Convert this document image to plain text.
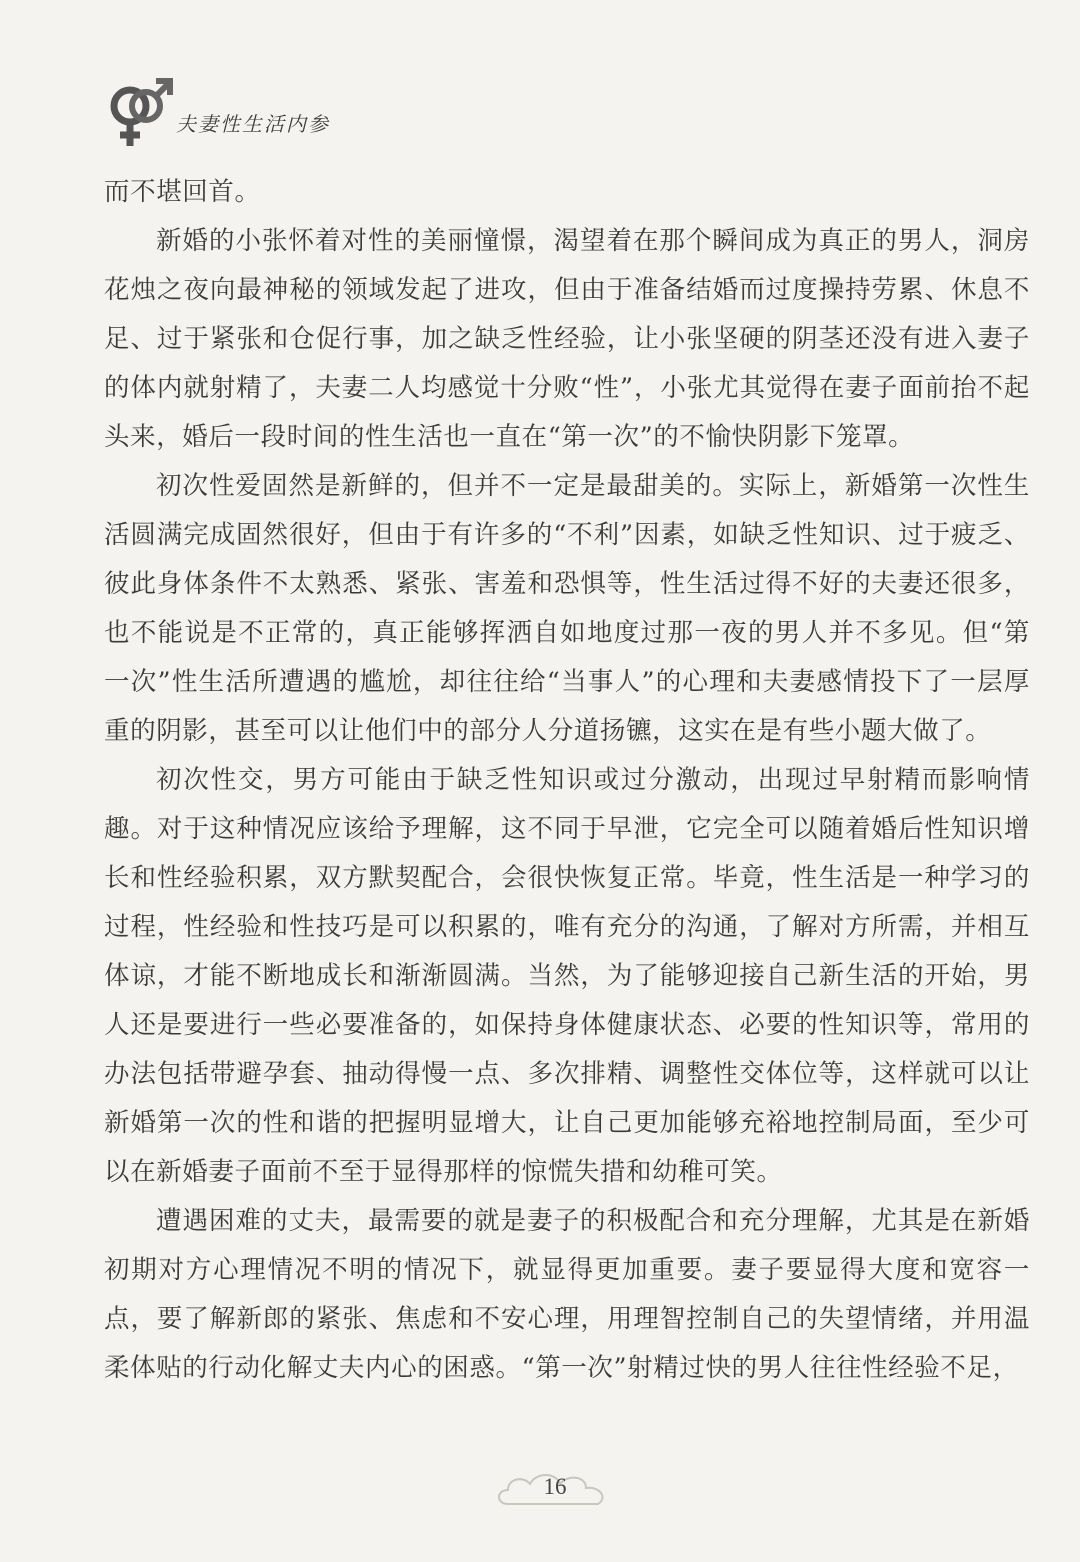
夫妻性生活内参

而不堪回首。

新婚的小张怀着对性的美丽憧憬，渴望着在那个瞬间成为真正的男人，洞房花烛之夜向最神秘的领域发起了进攻，但由于准备结婚而过度操持劳累、休息不足、过于紧张和仓促行事，加之缺乏性经验，让小张坚硬的阴茎还没有进入妻子的体内就射精了，夫妻二人均感觉十分败“性”，小张尤其觉得在妻子面前抬不起头来，婚后一段时间的性生活也一直在“第一次”的不愉快阴影下笼罩。

初次性爱固然是新鲜的，但并不一定是最甜美的。实际上，新婚第一次性生活圆满完成固然很好，但由于有许多的“不利”因素，如缺乏性知识、过于疲乏、彼此身体条件不太熟悉、紧张、害羞和恐惧等，性生活过得不好的夫妻还很多，也不能说是不正常的，真正能够挥洒自如地度过那一夜的男人并不多见。但“第一次”性生活所遭遇的尴尬，却往往给“当事人”的心理和夫妻感情投下了一层厚重的阴影，甚至可以让他们中的部分人分道扬镳，这实在是有些小题大做了。

初次性交，男方可能由于缺乏性知识或过分激动，出现过早射精而影响情趣。对于这种情况应该给予理解，这不同于早泄，它完全可以随着婚后性知识增长和性经验积累，双方默契配合，会很快恢复正常。毕竟，性生活是一种学习的过程，性经验和性技巧是可以积累的，唯有充分的沟通，了解对方所需，并相互体谅，才能不断地成长和渐渐圆满。当然，为了能够迎接自己新生活的开始，男人还是要进行一些必要准备的，如保持身体健康状态、必要的性知识等，常用的办法包括带避孕套、抽动得慢一点、多次排精、调整性交体位等，这样就可以让新婚第一次的性和谐的把握明显增大，让自己更加能够充裕地控制局面，至少可以在新婚妻子面前不至于显得那样的惊慌失措和幼稚可笑。

遭遇困难的丈夫，最需要的就是妻子的积极配合和充分理解，尤其是在新婚初期对方心理情况不明的情况下，就显得更加重要。妻子要显得大度和宽容一点，要了解新郎的紧张、焦虑和不安心理，用理智控制自己的失望情绪，并用温柔体贴的行动化解丈夫内心的困惑。“第一次”射精过快的男人往往性经验不足，

16
